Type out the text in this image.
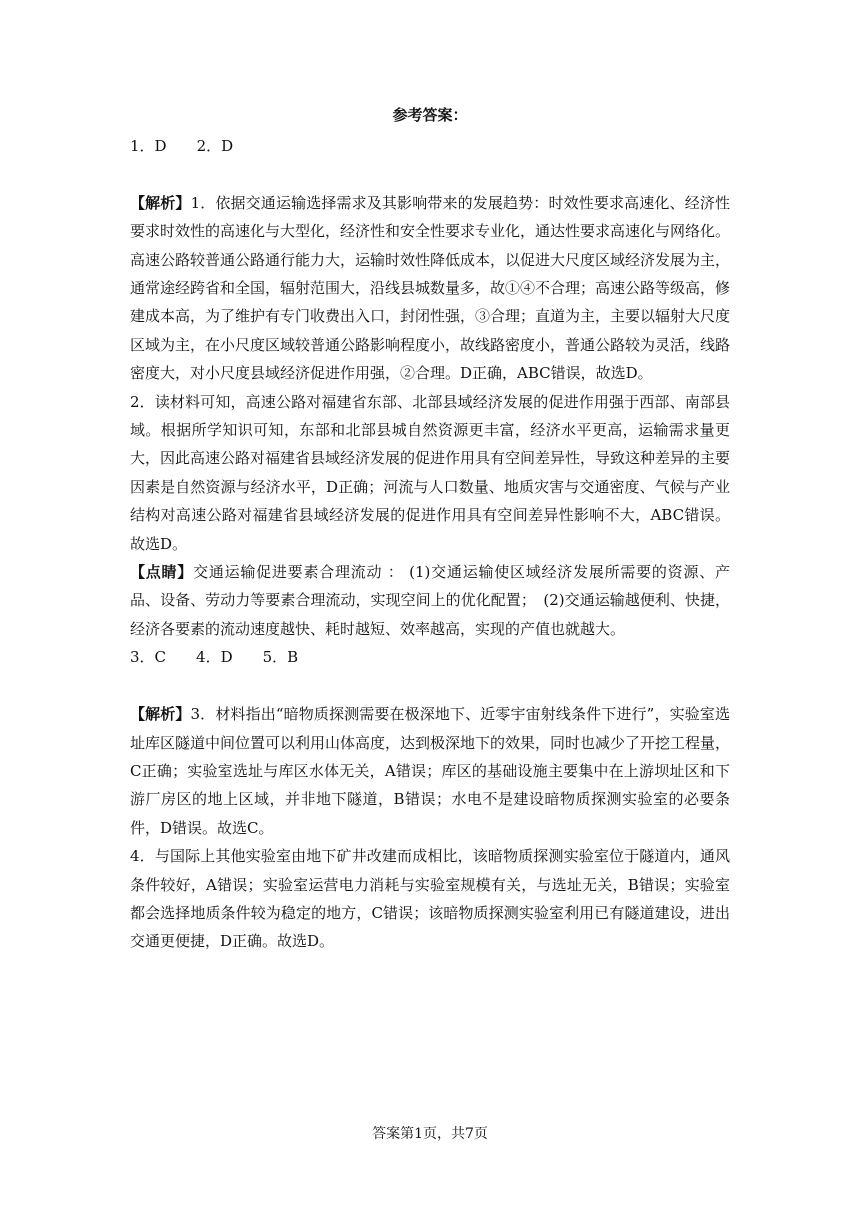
参考答案：

1．D　　2．D

【解析】1．依据交通运输选择需求及其影响带来的发展趋势：时效性要求高速化、经济性要求时效性的高速化与大型化，经济性和安全性要求专业化，通达性要求高速化与网络化。高速公路较普通公路通行能力大，运输时效性降低成本，以促进大尺度区域经济发展为主，通常途经跨省和全国，辐射范围大，沿线县城数量多，故①④不合理；高速公路等级高，修建成本高，为了维护有专门收费出入口，封闭性强，③合理；直道为主，主要以辐射大尺度区域为主，在小尺度区域较普通公路影响程度小，故线路密度小，普通公路较为灵活，线路密度大，对小尺度县域经济促进作用强，②合理。D正确，ABC错误，故选D。

2．读材料可知，高速公路对福建省东部、北部县域经济发展的促进作用强于西部、南部县域。根据所学知识可知，东部和北部县城自然资源更丰富，经济水平更高，运输需求量更大，因此高速公路对福建省县域经济发展的促进作用具有空间差异性，导致这种差异的主要因素是自然资源与经济水平，D正确；河流与人口数量、地质灾害与交通密度、气候与产业结构对高速公路对福建省县域经济发展的促进作用具有空间差异性影响不大，ABC错误。故选D。

【点睛】交通运输促进要素合理流动 ： (1)交通运输使区域经济发展所需要的资源、产品、设备、劳动力等要素合理流动，实现空间上的优化配置；　(2)交通运输越便利、快捷，经济各要素的流动速度越快、耗时越短、效率越高，实现的产值也就越大。

3．C　　4．D　　5．B

【解析】3．材料指出“暗物质探测需要在极深地下、近零宇宙射线条件下进行”，实验室选址库区隧道中间位置可以利用山体高度，达到极深地下的效果，同时也减少了开挖工程量，C正确；实验室选址与库区水体无关，A错误；库区的基础设施主要集中在上游坝址区和下游厂房区的地上区域，并非地下隧道，B错误；水电不是建设暗物质探测实验室的必要条件，D错误。故选C。

4．与国际上其他实验室由地下矿井改建而成相比，该暗物质探测实验室位于隧道内，通风条件较好，A错误；实验室运营电力消耗与实验室规模有关，与选址无关，B错误；实验室都会选择地质条件较为稳定的地方，C错误；该暗物质探测实验室利用已有隧道建设，进出交通更便捷，D正确。故选D。

答案第1页，共7页
